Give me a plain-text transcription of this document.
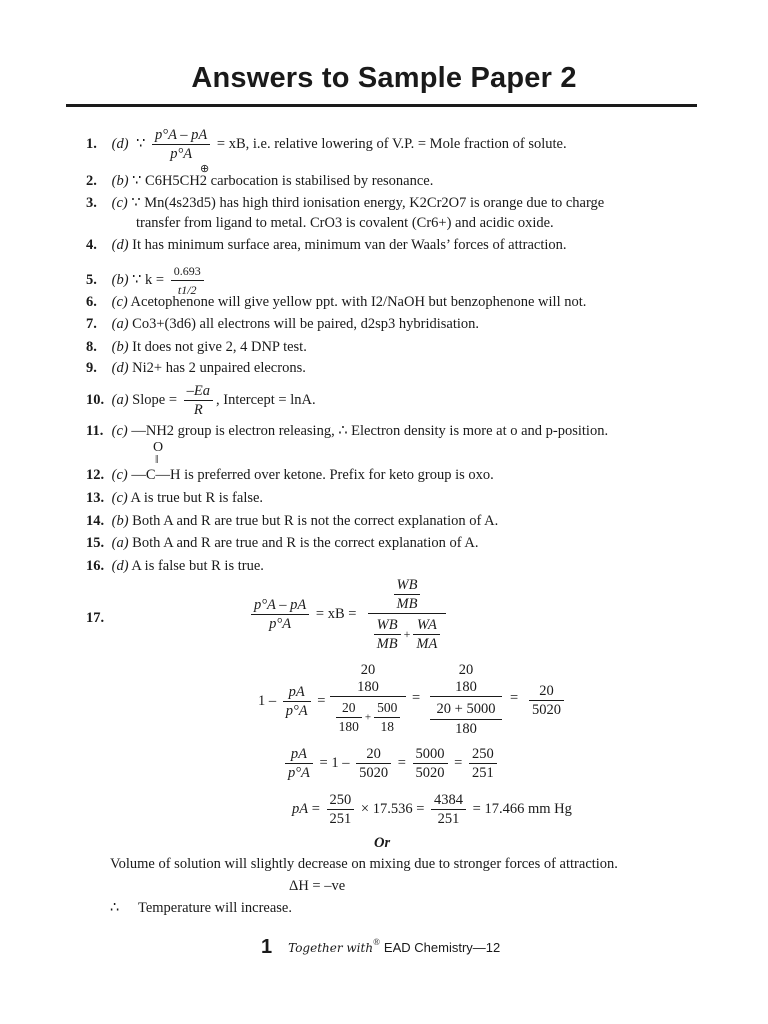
Answers to Sample Paper 2
1. (d) ∵ $\frac{p^\circ A - pA}{p^\circ A}$ = xB, i.e. relative lowering of V.P. = Mole fraction of solute.
⊕
2. (b) ∵ C6H5CH2 carbocation is stabilised by resonance.
3. (c) ∵ Mn(4s23d5) has high third ionisation energy, K2Cr2O7 is orange due to charge
transfer from ligand to metal. CrO3 is covalent (Cr6+) and acidic oxide.
4. (d) It has minimum surface area, minimum van der Waals’ forces of attraction.
5. (b) ∵ $k = \frac{0.693}{t1/2}$
6. (c) Acetophenone will give yellow ppt. with I2/NaOH but benzophenone will not.
7. (a) Co3+(3d6) all electrons will be paired, d2sp3 hybridisation.
8. (b) It does not give 2, 4 DNP test.
9. (d) Ni2+ has 2 unpaired elecrons.
10. (a) Slope = $\frac{-Ea}{R}$ , Intercept = lnA.
11. (c) —NH2 group is electron releasing, ∴ Electron density is more at o and p-position.
O
‖
12. (c) —C—H is preferred over ketone. Prefix for keto group is oxo.
13. (c) A is true but R is false.
14. (b) Both A and R are true but R is not the correct explanation of A.
15. (a) Both A and R are true and R is the correct explanation of A.
16. (d) A is false but R is true.
17.	$\frac{p^\circ A - pA}{p^\circ A}$ = xB =
WB
MB
$\frac{WB}{MB} + \frac{WA}{MA}$
$1 - \frac{pA}{p^\circ A}$ =
20
180
$\frac{20}{180} + \frac{500}{18}$
=
20
180
20 + 5000
180
= $\frac{20}{5020}$
$\frac{pA}{p^\circ A} = 1 - \frac{20}{5020} = \frac{5000}{5020} = \frac{250}{251}$
pA = $\frac{250}{251} \times 17.536 = \frac{4384}{251} = 17.466$ mm Hg
Or
Volume of solution will slightly decrease on mixing due to stronger forces of attraction.
ΔH = –ve
∴ Temperature will increase.
1 Together with® EAD Chemistry—12
